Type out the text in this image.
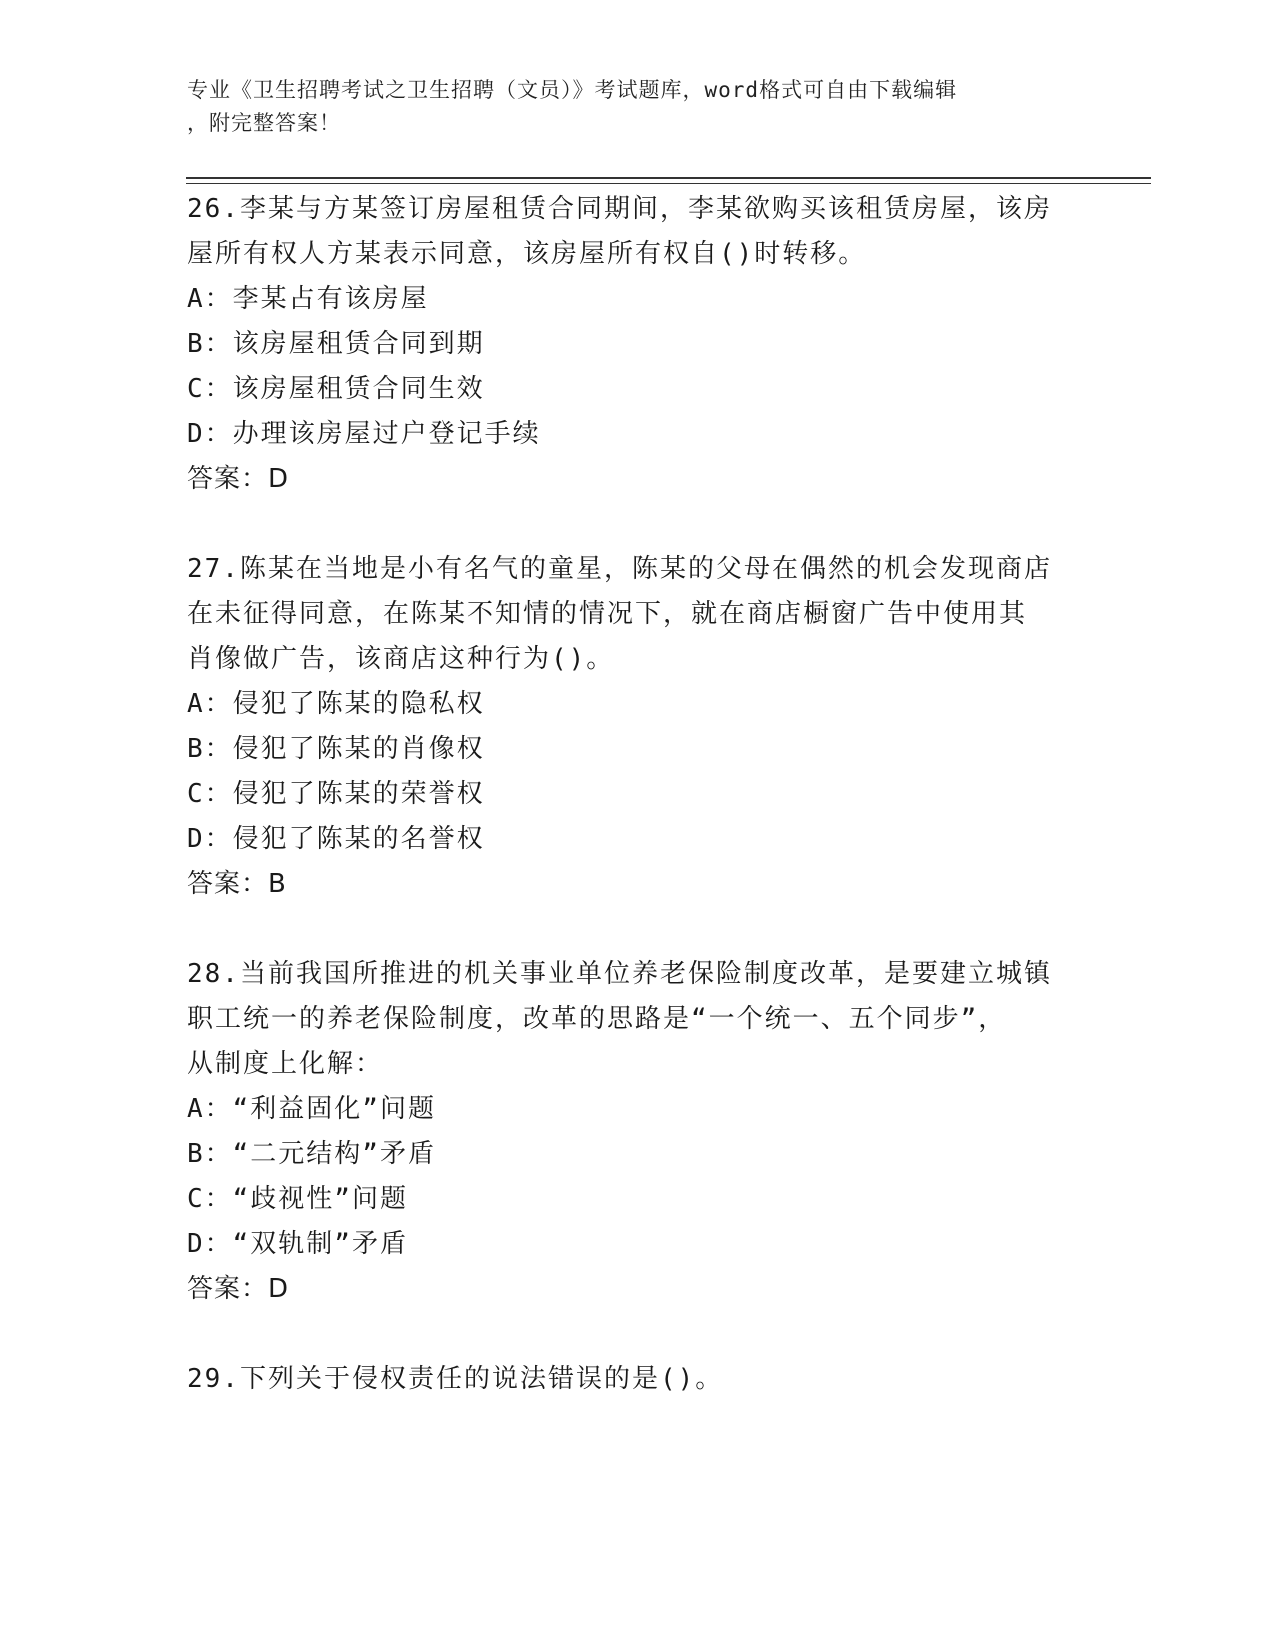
专业《卫生招聘考试之卫生招聘（文员）》考试题库，word格式可自由下载编辑
，附完整答案！
26.李某与方某签订房屋租赁合同期间，李某欲购买该租赁房屋，该房
屋所有权人方某表示同意，该房屋所有权自()时转移。
A：李某占有该房屋
B：该房屋租赁合同到期
C：该房屋租赁合同生效
D：办理该房屋过户登记手续
答案：D
27.陈某在当地是小有名气的童星，陈某的父母在偶然的机会发现商店
在未征得同意，在陈某不知情的情况下，就在商店橱窗广告中使用其
肖像做广告，该商店这种行为()。
A：侵犯了陈某的隐私权
B：侵犯了陈某的肖像权
C：侵犯了陈某的荣誉权
D：侵犯了陈某的名誉权
答案：B
28.当前我国所推进的机关事业单位养老保险制度改革，是要建立城镇
职工统一的养老保险制度，改革的思路是“一个统一、五个同步”，
从制度上化解：
A：“利益固化”问题
B：“二元结构”矛盾
C：“歧视性”问题
D：“双轨制”矛盾
答案：D
29.下列关于侵权责任的说法错误的是()。
